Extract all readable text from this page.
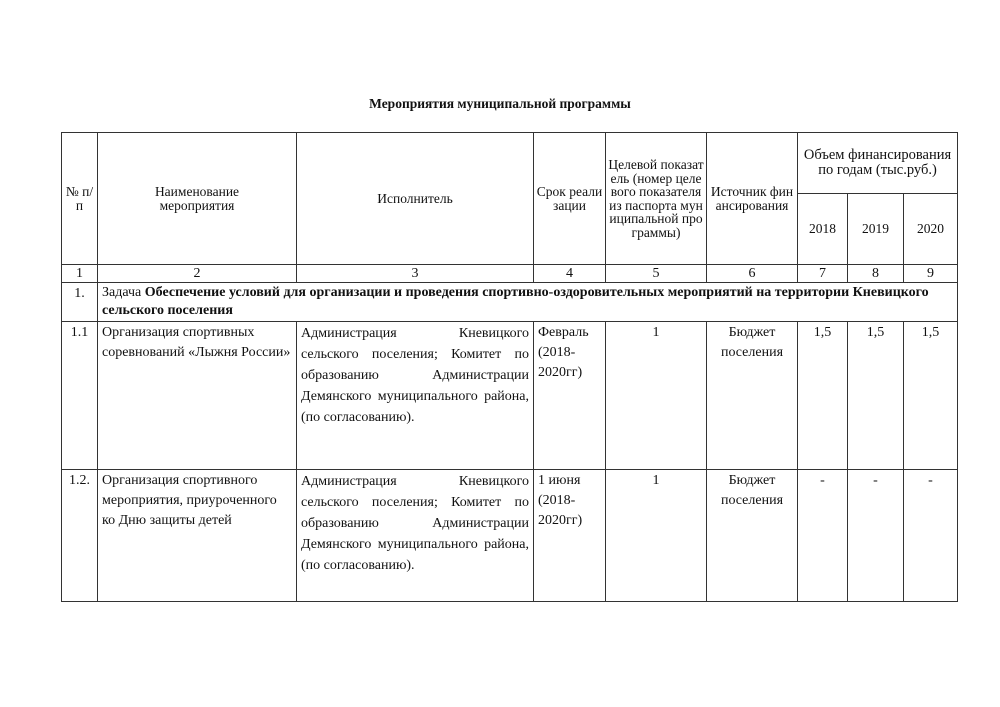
Мероприятия муниципальной программы
№ п/п	Наименование мероприятия	Исполнитель	Срок реализации	Целевой показатель (номер целевого показателя из паспорта муниципальной программы)	Источник финансирования	Объем финансирования по годам (тыс.руб.)		
						2018	2019	2020
1	2	3	4	5	6	7	8	9
1.	Задача Обеспечение условий для организации и проведения спортивно-оздоровительных мероприятий на территории Кневицкого сельского поселения							
1.1	Организация спортивных соревнований «Лыжня России»	Администрация Кневицкого сельского поселения; Комитет по образованию Администрации Демянского муниципального района, (по согласованию).	Февраль (2018-2020гг)	1	Бюджет поселения	1,5	1,5	1,5
1.2.	Организация спортивного мероприятия, приуроченного ко Дню защиты детей	Администрация Кневицкого сельского поселения; Комитет по образованию Администрации Демянского муниципального района, (по согласованию).	1 июня (2018-2020гг)	1	Бюджет поселения	-	-	-
